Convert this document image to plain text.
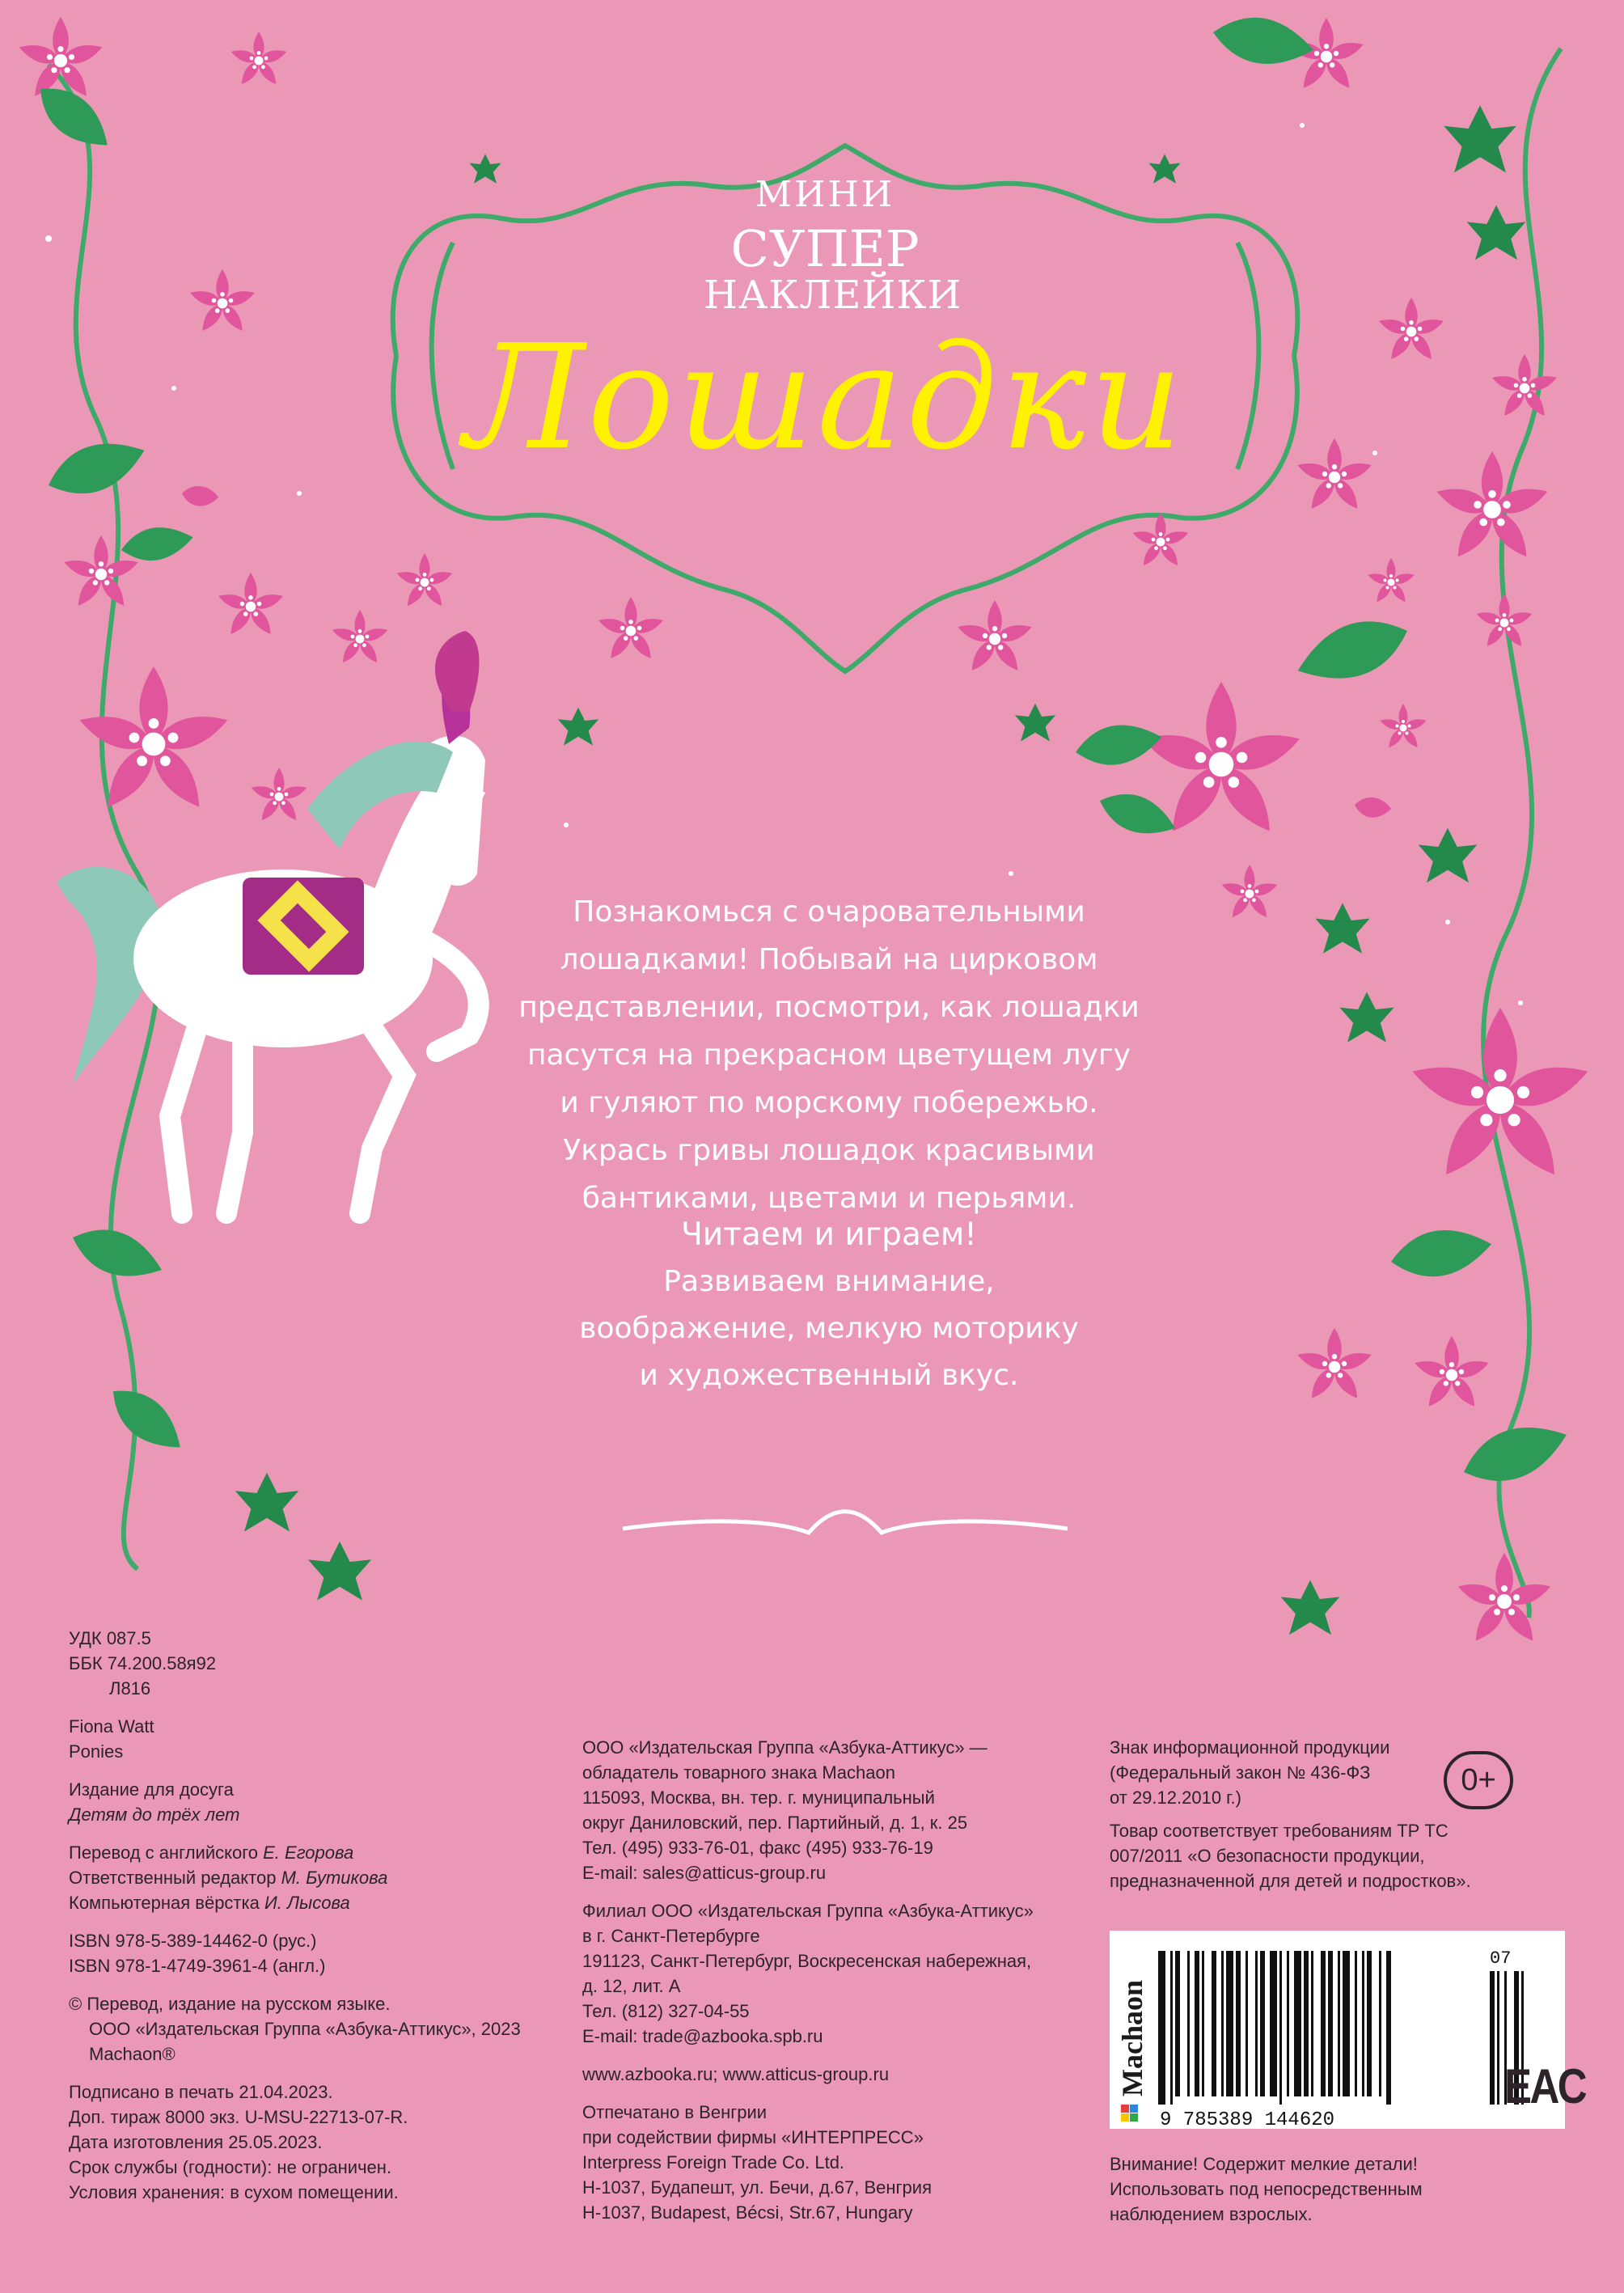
МИНИ
СУПЕР
НАКЛЕЙКИ
Лошадки
Познакомься с очаровательными
лошадками! Побывай на цирковом
представлении, посмотри, как лошадки
пасутся на прекрасном цветущем лугу
и гуляют по морскому побережью.
Укрась гривы лошадок красивыми
бантиками, цветами и перьями.
Читаем и играем!
Развиваем внимание,
воображение, мелкую моторику
и художественный вкус.
УДК 087.5
ББК 74.200.58я92
Л816
Fiona Watt
Ponies
Издание для досуга
Детям до трёх лет
Перевод с английского Е. Егорова
Ответственный редактор М. Бутикова
Компьютерная вёрстка И. Лысова
ISBN 978-5-389-14462-0 (рус.)
ISBN 978-1-4749-3961-4 (англ.)
© Перевод, издание на русском языке.
ООО «Издательская Группа «Азбука-Аттикус», 2023
Machaon®
Подписано в печать 21.04.2023.
Доп. тираж 8000 экз. U-MSU-22713-07-R.
Дата изготовления 25.05.2023.
Срок службы (годности): не ограничен.
Условия хранения: в сухом помещении.
ООО «Издательская Группа «Азбука-Аттикус» —
обладатель товарного знака Machaon
115093, Москва, вн. тер. г. муниципальный
округ Даниловский, пер. Партийный, д. 1, к. 25
Тел. (495) 933-76-01, факс (495) 933-76-19
E-mail: sales@atticus-group.ru
Филиал ООО «Издательская Группа «Азбука-Аттикус»
в г. Санкт-Петербурге
191123, Санкт-Петербург, Воскресенская набережная,
д. 12, лит. А
Тел. (812) 327-04-55
E-mail: trade@azbooka.spb.ru
www.azbooka.ru; www.atticus-group.ru
Отпечатано в Венгрии
при содействии фирмы «ИНТЕРПРЕСС»
Interpress Foreign Trade Co. Ltd.
H-1037, Будапешт, ул. Бечи, д.67, Венгрия
H-1037, Budapest, Bécsi, Str.67, Hungary
Знак информационной продукции
(Федеральный закон № 436-ФЗ
от 29.12.2010 г.)
Товар соответствует требованиям ТР ТС
007/2011 «О безопасности продукции,
предназначенной для детей и подростков».
0+
Machaon
9 785389 144620
07
EAC
Внимание! Содержит мелкие детали!
Использовать под непосредственным
наблюдением взрослых.
